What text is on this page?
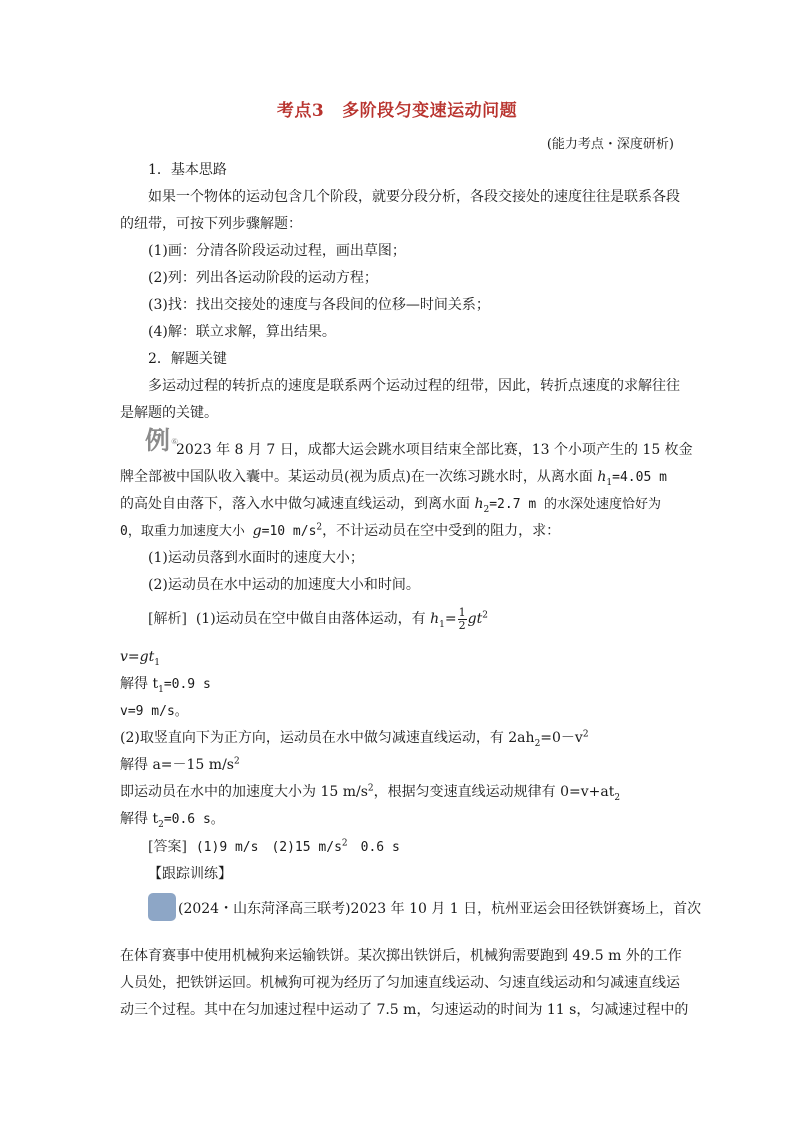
考点3 多阶段匀变速运动问题
(能力考点・深度研析)
1．基本思路
如果一个物体的运动包含几个阶段，就要分段分析，各段交接处的速度往往是联系各段
的纽带，可按下列步骤解题：
(1)画：分清各阶段运动过程，画出草图；
(2)列：列出各运动阶段的运动方程；
(3)找：找出交接处的速度与各段间的位移—时间关系；
(4)解：联立求解，算出结果。
2．解题关键
多运动过程的转折点的速度是联系两个运动过程的纽带，因此，转折点速度的求解往往
是解题的关键。
例 ⑥
2023 年 8 月 7 日，成都大运会跳水项目结束全部比赛，13 个小项产生的 15 枚金
牌全部被中国队收入囊中。某运动员(视为质点)在一次练习跳水时，从离水面 $h_1=4.05$ m
的高处自由落下，落入水中做匀减速直线运动，到离水面 $h_2=2.7$ m 的水深处速度恰好为
0，取重力加速度大小 g=10 $m/s^2$，不计运动员在空中受到的阻力，求：
(1)运动员落到水面时的速度大小；
(2)运动员在水中运动的加速度大小和时间。
[解析] (1)运动员在空中做自由落体运动，有 $h_1= \frac{1}{2} gt^2$
$v=gt_1$
解得 $t_1=0.9$ s
v=9 m/s。
(2)取竖直向下为正方向，运动员在水中做匀减速直线运动，有 $2ah_2=0-v^2$
解得 a=－15 $m/s^2$
即运动员在水中的加速度大小为 15 $m/s^2$，根据匀变速直线运动规律有 $0=v+at_2$
解得 $t_2=0.6$ s。
[答案] (1)9 m/s　(2)15 $m/s^2$　0.6 s
【跟踪训练】
(2024・山东菏泽高三联考)2023 年 10 月 1 日，杭州亚运会田径铁饼赛场上，首次
在体育赛事中使用机械狗来运输铁饼。某次掷出铁饼后，机械狗需要跑到 49.5 m 外的工作
人员处，把铁饼运回。机械狗可视为经历了匀加速直线运动、匀速直线运动和匀减速直线运
动三个过程。其中在匀加速过程中运动了 7.5 m，匀速运动的时间为 11 s，匀减速过程中的
